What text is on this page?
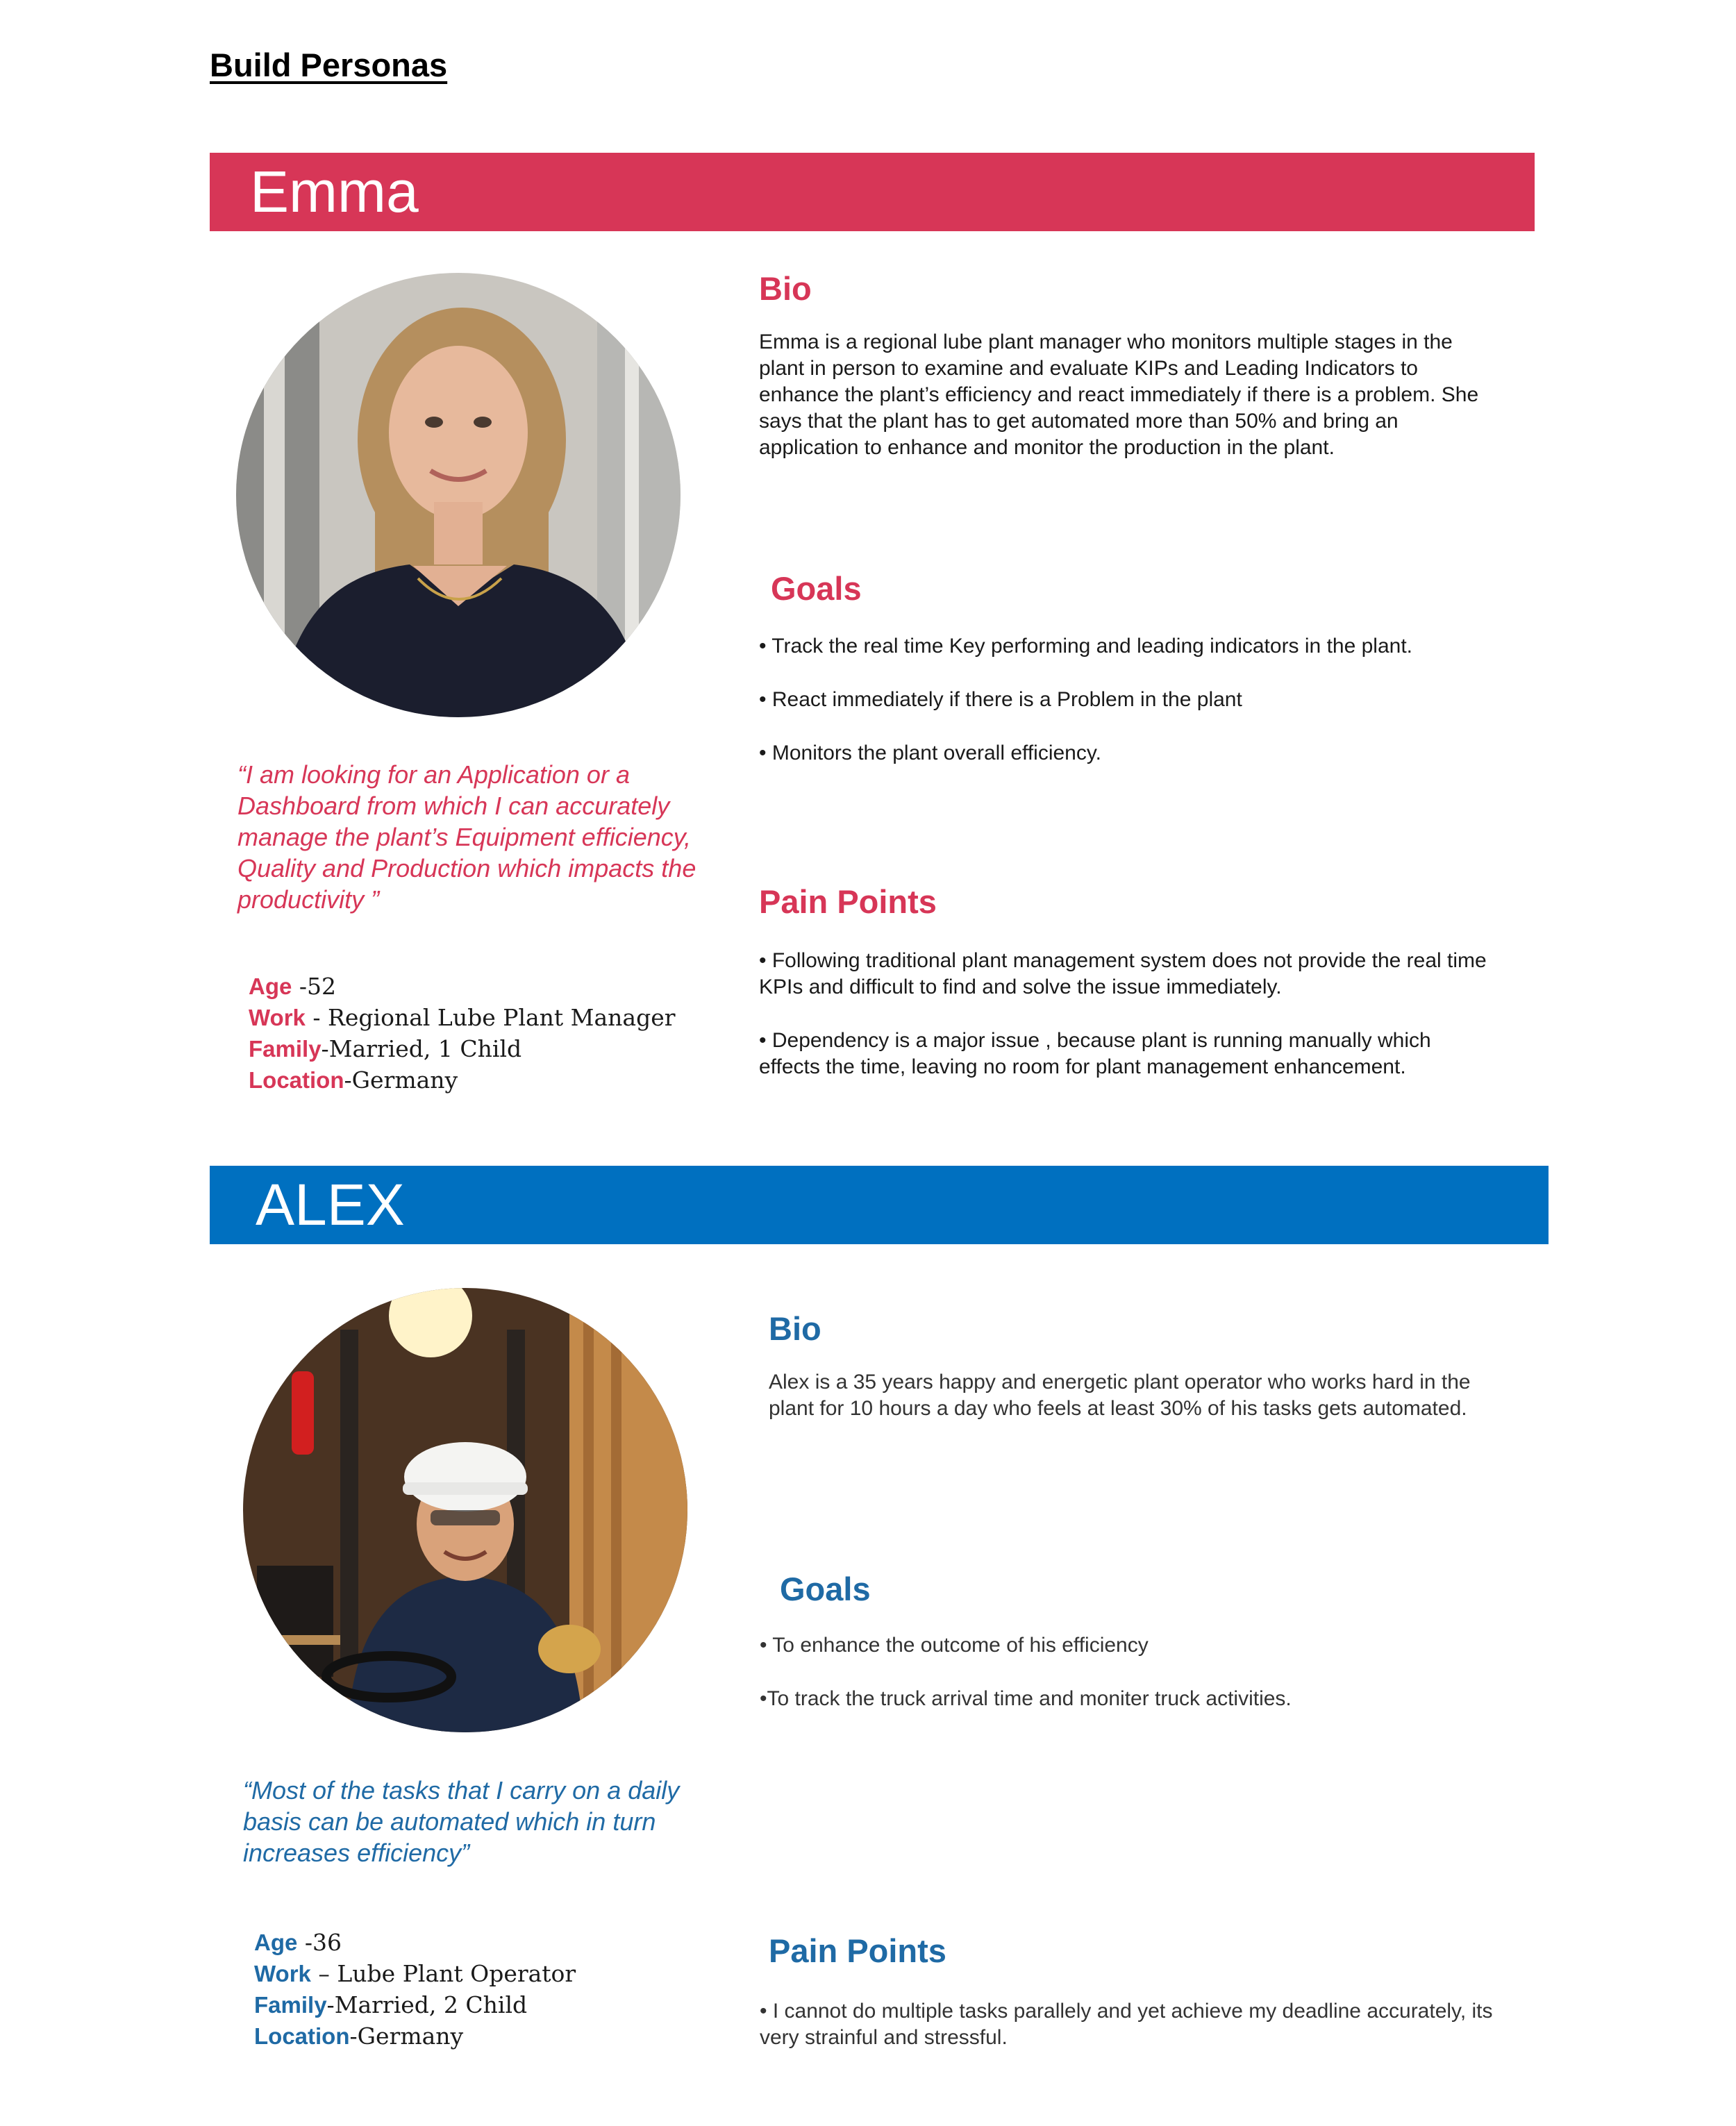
Build Personas
Emma
“I am looking for an Application or a Dashboard from which I can accurately manage the plant’s Equipment efficiency, Quality and Production which impacts the productivity ”
Age -52
Work - Regional Lube Plant Manager
Family-Married, 1 Child
Location-Germany
Bio
Emma is a regional lube plant manager who monitors multiple stages in the plant in person to examine and evaluate KIPs and Leading Indicators to enhance the plant’s efficiency and react immediately if there is a problem. She says that the plant has to get automated more than 50% and bring an application to enhance and monitor the production in the plant.
Goals
• Track the real time Key performing and leading indicators in the plant.
• React immediately if there is a Problem in the plant
• Monitors the plant overall efficiency.
Pain Points
• Following traditional plant management system does not provide the real time KPIs and difficult to find and solve the issue immediately.
• Dependency is a major issue , because plant is running manually which effects the time, leaving no room for plant management enhancement.
ALEX
“Most of the tasks that I carry on a daily basis can be automated which in turn increases efficiency”
Age -36
Work – Lube Plant Operator
Family-Married, 2 Child
Location-Germany
Bio
Alex is a 35 years happy and energetic plant operator who works hard in the plant for 10 hours a day who feels at least 30% of his tasks gets automated.
Goals
• To enhance the outcome of his efficiency
•To track the truck arrival time and moniter truck activities.
Pain Points
• I cannot do multiple tasks parallely and yet achieve my deadline accurately, its very strainful and stressful.
